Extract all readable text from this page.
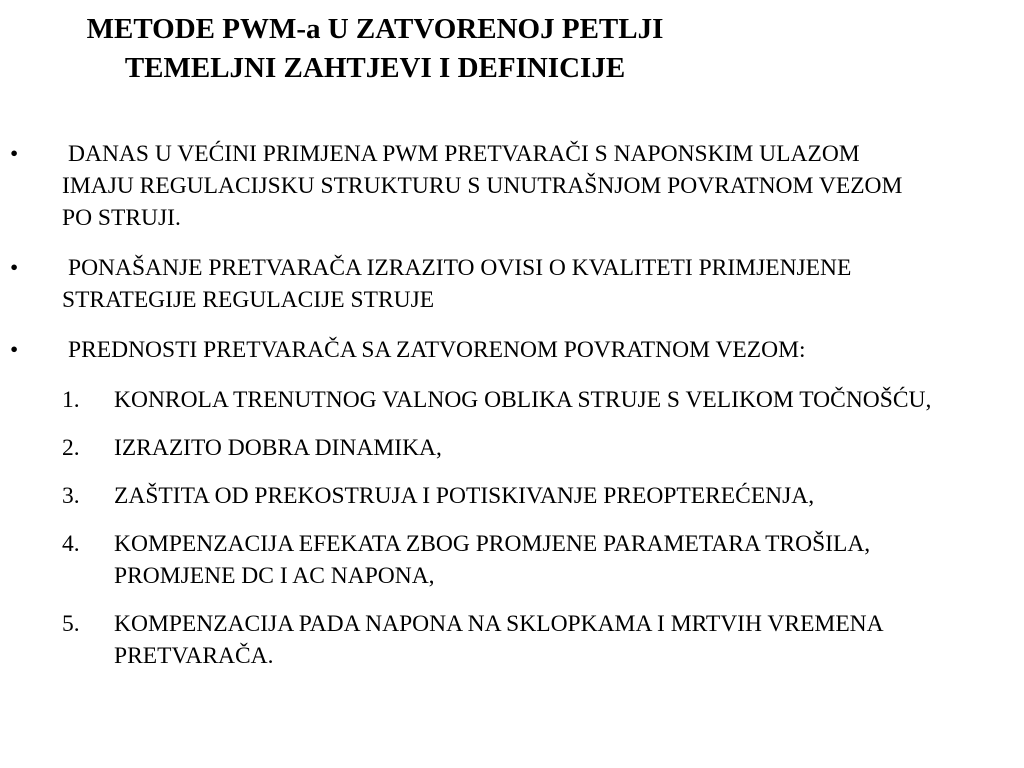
METODE PWM-a U ZATVORENOJ PETLJI
TEMELJNI ZAHTJEVI I DEFINICIJE
• DANAS U VEĆINI PRIMJENA PWM PRETVARAČI S NAPONSKIM ULAZOM IMAJU REGULACIJSKU STRUKTURU S UNUTRAŠNJOM POVRATNOM VEZOM PO STRUJI.
• PONAŠANJE PRETVARAČA IZRAZITO OVISI O KVALITETI PRIMJENJENE STRATEGIJE REGULACIJE STRUJE
• PREDNOSTI PRETVARAČA SA ZATVORENOM POVRATNOM VEZOM:
1. KONROLA TRENUTNOG VALNOG OBLIKA STRUJE S VELIKOM TOČNOŠĆU,
2. IZRAZITO DOBRA DINAMIKA,
3. ZAŠTITA OD PREKOSTRUJA I POTISKIVANJE PREOPTEREĆENJA,
4. KOMPENZACIJA EFEKATA ZBOG PROMJENE PARAMETARA TROŠILA, PROMJENE DC I AC NAPONA,
5. KOMPENZACIJA PADA NAPONA NA SKLOPKAMA I MRTVIH VREMENA PRETVARAČA.
